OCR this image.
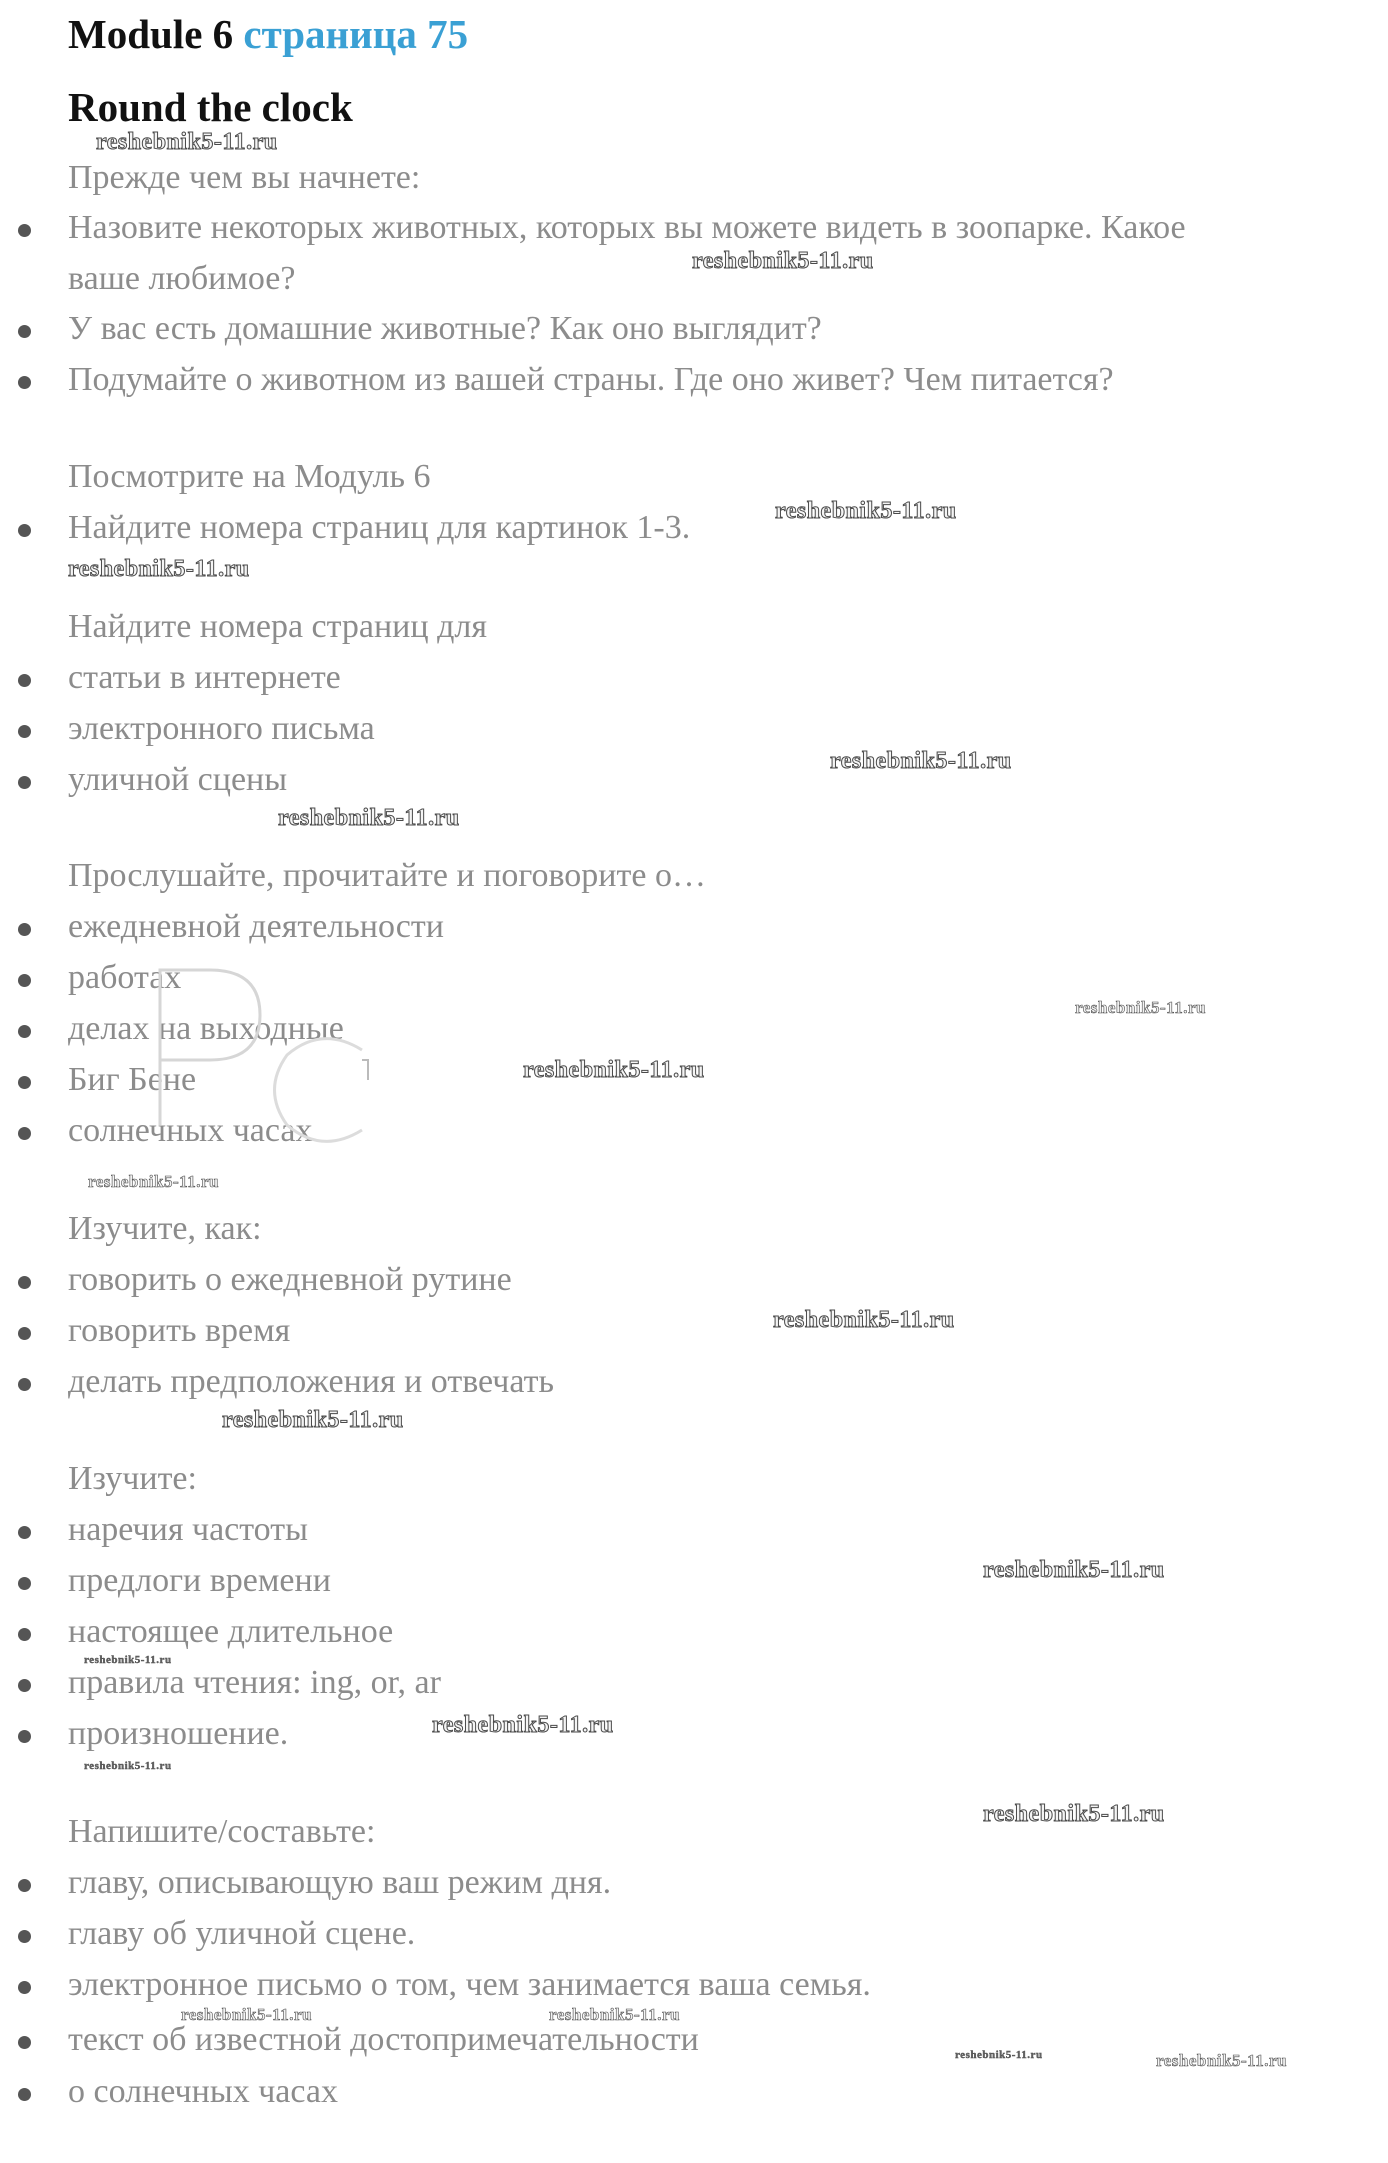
Module 6 страница 75
Round the clock
Прежде чем вы начнете:
Назовите некоторых животных, которых вы можете видеть в зоопарке. Какое
ваше любимое?
У вас есть домашние животные? Как оно выглядит?
Подумайте о животном из вашей страны. Где оно живет? Чем питается?
Посмотрите на Модуль 6
Найдите номера страниц для картинок 1-3.
Найдите номера страниц для
статьи в интернете
электронного письма
уличной сцены
Прослушайте, прочитайте и поговорите о…
ежедневной деятельности
работах
делах на выходные
Биг Бене
солнечных часах
Изучите, как:
говорить о ежедневной рутине
говорить время
делать предположения и отвечать
Изучите:
наречия частоты
предлоги времени
настоящее длительное
правила чтения: ing, or, ar
произношение.
Напишите/составьте:
главу, описывающую ваш режим дня.
главу об уличной сцене.
электронное письмо о том, чем занимается ваша семья.
текст об известной достопримечательности
о солнечных часах
reshebnik5-11.ru
reshebnik5-11.ru
reshebnik5-11.ru
reshebnik5-11.ru
reshebnik5-11.ru
reshebnik5-11.ru
reshebnik5-11.ru
reshebnik5-11.ru
reshebnik5-11.ru
reshebnik5-11.ru
reshebnik5-11.ru
reshebnik5-11.ru
reshebnik5-11.ru
reshebnik5-11.ru
reshebnik5-11.ru
reshebnik5-11.ru
reshebnik5-11.ru	reshebnik5-11.ru
reshebnik5-11.ru	reshebnik5-11.ru
